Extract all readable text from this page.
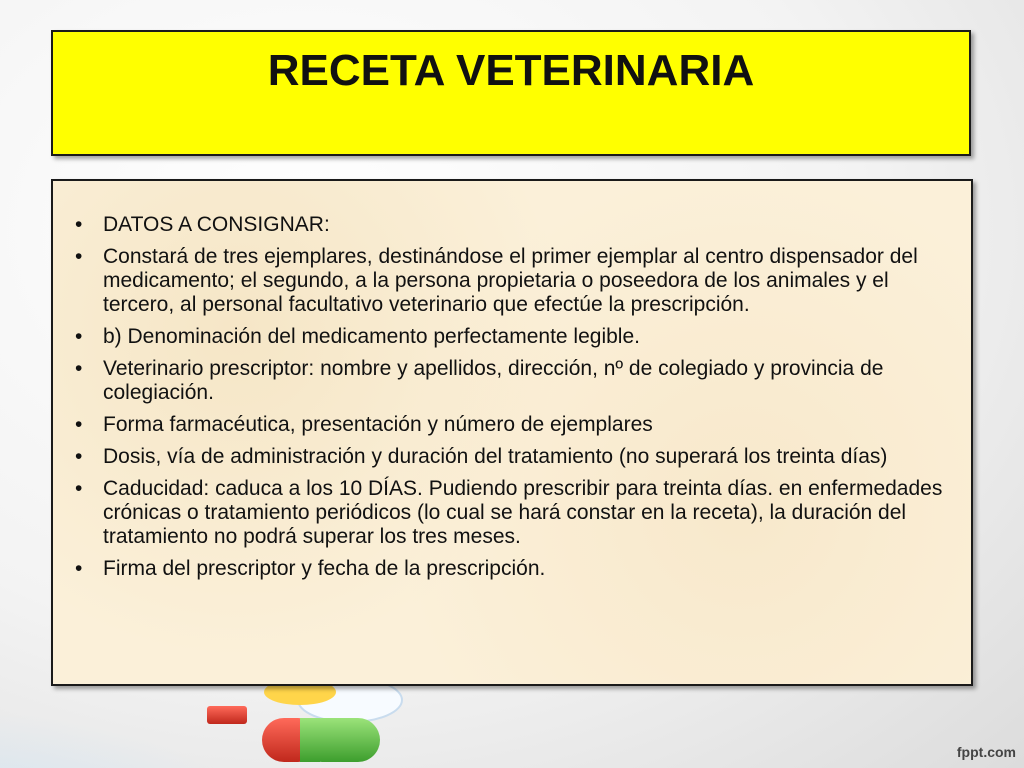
RECETA VETERINARIA
• DATOS A CONSIGNAR:
• Constará de tres ejemplares, destinándose el primer ejemplar al centro dispensador del medicamento; el segundo, a la persona propietaria o poseedora de los animales y el tercero, al personal facultativo veterinario que efectúe la prescripción.
• b) Denominación del medicamento perfectamente legible.
• Veterinario prescriptor: nombre y apellidos, dirección, nº de colegiado y provincia de colegiación.
• Forma farmacéutica, presentación y número de ejemplares
• Dosis, vía de administración y duración del tratamiento (no superará los treinta días)
• Caducidad: caduca a los 10 DÍAS. Pudiendo prescribir para treinta días. en enfermedades crónicas o tratamiento periódicos (lo cual se hará constar en la receta), la duración del tratamiento no podrá superar los tres meses.
• Firma del prescriptor y fecha de la prescripción.
fppt.com
